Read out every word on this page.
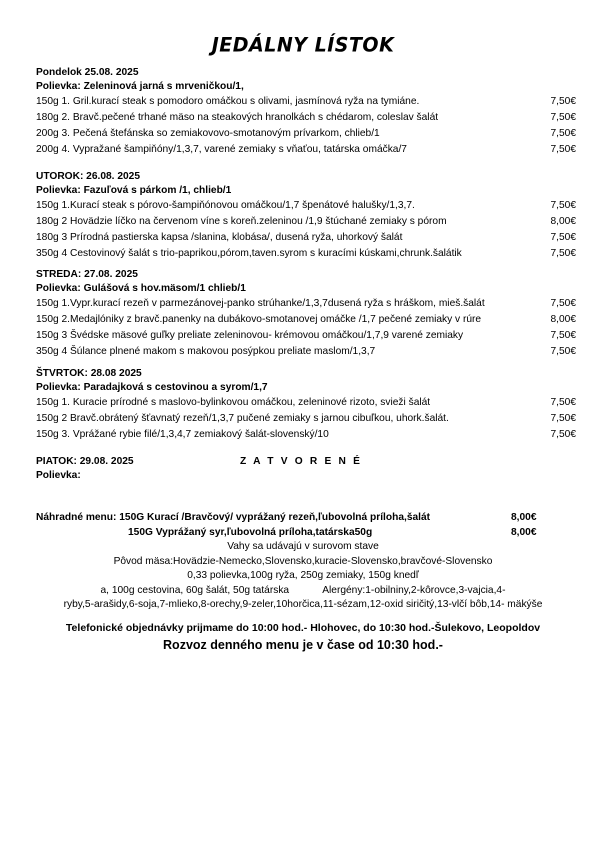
JEDÁLNY LÍSTOK
Pondelok 25.08. 2025
Polievka: Zeleninová jarná s mrveničkou/1,
150g 1. Gril.kurací steak s pomodoro omáčkou s olivami, jasmínová ryža na tymiáne.	7,50€
180g 2. Bravč.pečené trhané mäso na steakových hranolkách s chédarom, coleslav šalát	7,50€
200g 3. Pečená štefánska so zemiakovovo-smotanovým prívarkom, chlieb/1	7,50€
200g 4. Vypražané šampiňóny/1,3,7, varené zemiaky s vňaťou, tatárska omáčka/7	7,50€
UTOROK: 26.08. 2025
Polievka: Fazuľová s párkom /1, chlieb/1
150g 1.Kurací steak s pórovo-šampiňónovou omáčkou/1,7 špenátové halušky/1,3,7.	7,50€
180g 2 Hovädzie líčko na červenom víne s koreň.zeleninou /1,9 štúchané zemiaky s pórom	8,00€
180g 3 Prírodná pastierska kapsa /slanina, klobása/, dusená ryža, uhorkový šalát	7,50€
350g 4 Cestovinový šalát s trio-paprikou,pórom,taven.syrom s kuracími kúskami,chrunk.šalátik	7,50€
STREDA: 27.08. 2025
Polievka: Gulášová s hov.mäsom/1 chlieb/1
150g 1.Vypr.kurací rezeň v parmezánovej-panko strúhanke/1,3,7dusená ryža s hráškom, mieš.šalát	7,50€
150g 2.Medajlóniky z bravč.panenky na dubákovo-smotanovej omáčke /1,7 pečené zemiaky v rúre	8,00€
150g 3 Švédske mäsové guľky preliate zeleninovou- krémovou omáčkou/1,7,9 varené zemiaky	7,50€
350g 4 Šúlance plnené makom s makovou posýpkou preliate maslom/1,3,7	7,50€
ŠTVRTOK: 28.08 2025
Polievka: Paradajková s cestovinou a syrom/1,7
150g 1. Kuracie prírodné s maslovo-bylinkovou omáčkou, zeleninové rizoto, svieži šalát	7,50€
150g 2 Bravč.obrátený šťavnatý rezeň/1,3,7 pučené zemiaky s jarnou cibuľkou, uhork.šalát.	7,50€
150g 3. Vprážané rybie filé/1,3,4,7 zemiakový šalát-slovenský/10	7,50€
PIATOK: 29.08. 2025	Z A T V O R E N É
Polievka:
Náhradné menu: 150G Kurací /Bravčový/ vyprážaný rezeň,ľubovolná príloha,šalát	8,00€
150G Vyprážaný syr,ľubovolná príloha,tatárska50g	8,00€
Vahy sa udávajú v surovom stave
Pôvod mäsa:Hovädzie-Nemecko,Slovensko,kuracie-Slovensko,bravčové-Slovensko
0,33 polievka,100g ryža, 250g zemiaky, 150g knedľ
a, 100g cestovina, 60g šalát, 50g tatárska	Alergény:1-obilniny,2-kôrovce,3-vajcia,4-
ryby,5-arašidy,6-soja,7-mlieko,8-orechy,9-zeler,10horčica,11-sézam,12-oxid siričitý,13-vlčí bôb,14- mäkýše
Telefonické objednávky prijmame do 10:00 hod.- Hlohovec, do 10:30 hod.-Šulekovo, Leopoldov
Rozvoz denného menu je v čase od 10:30 hod.-
